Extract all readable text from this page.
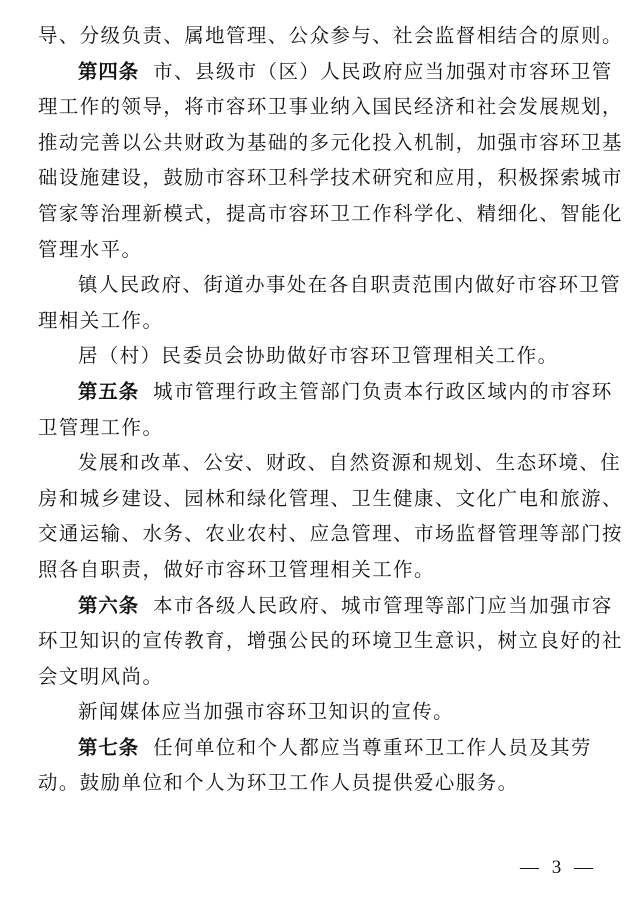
导、分级负责、属地管理、公众参与、社会监督相结合的原则。
第四条 市、县级市（区）人民政府应当加强对市容环卫管
理工作的领导，将市容环卫事业纳入国民经济和社会发展规划，
推动完善以公共财政为基础的多元化投入机制，加强市容环卫基
础设施建设，鼓励市容环卫科学技术研究和应用，积极探索城市
管家等治理新模式，提高市容环卫工作科学化、精细化、智能化
管理水平。
镇人民政府、街道办事处在各自职责范围内做好市容环卫管
理相关工作。
居（村）民委员会协助做好市容环卫管理相关工作。
第五条 城市管理行政主管部门负责本行政区域内的市容环
卫管理工作。
发展和改革、公安、财政、自然资源和规划、生态环境、住
房和城乡建设、园林和绿化管理、卫生健康、文化广电和旅游、
交通运输、水务、农业农村、应急管理、市场监督管理等部门按
照各自职责，做好市容环卫管理相关工作。
第六条 本市各级人民政府、城市管理等部门应当加强市容
环卫知识的宣传教育，增强公民的环境卫生意识，树立良好的社
会文明风尚。
新闻媒体应当加强市容环卫知识的宣传。
第七条 任何单位和个人都应当尊重环卫工作人员及其劳
动。鼓励单位和个人为环卫工作人员提供爱心服务。
— 3 —
